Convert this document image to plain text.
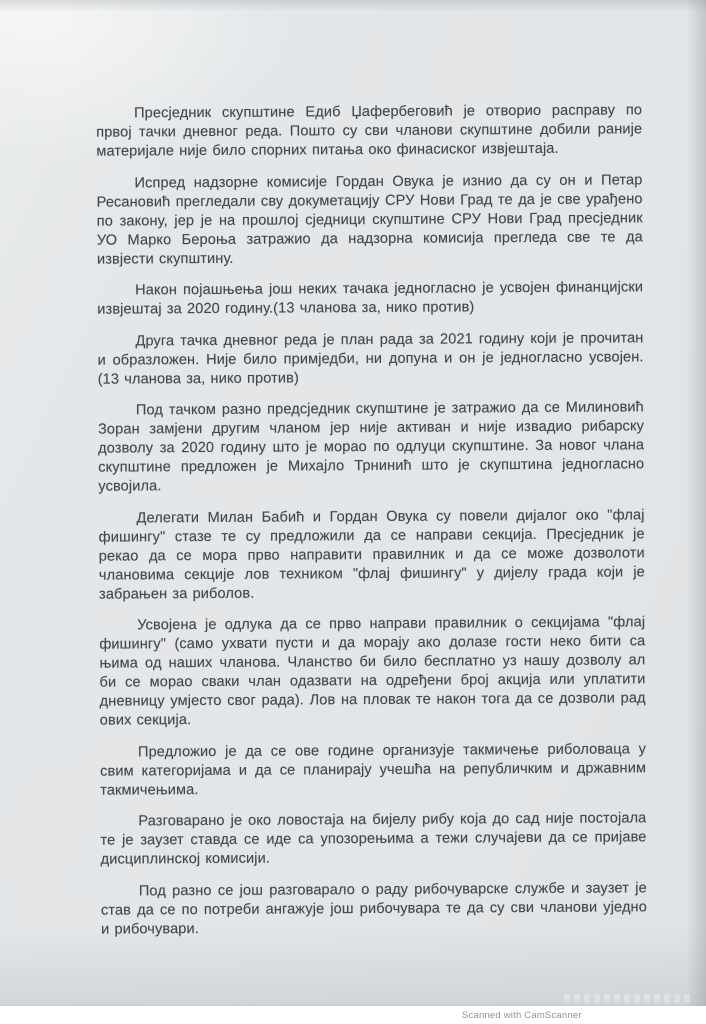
Пресједник скупштине Едиб Џафербеговић је отворио расправу по првој тачки дневног реда. Пошто су сви чланови скупштине добили раније материјале није било спорних питања око финасиског извјештаја.

Испред надзорне комисије Гордан Овука је изнио да су он и Петар Ресановић прегледали сву докуметацију СРУ Нови Град те да је све урађено по закону, јер је на прошлој сједници скупштине СРУ Нови Град пресједник УО Марко Бероња затражио да надзорна комисија прегледа све те да извјести скупштину.

Након појашњења још неких тачака једногласно је усвојен финанцијски извјештај за 2020 годину.(13 чланова за, нико против)

Друга тачка дневног реда је план рада за 2021 годину који је прочитан и образложен. Није било примједби, ни допуна и он је једногласно усвојен.(13 чланова за, нико против)

Под тачком разно предсједник скупштине је затражио да се Милиновић Зоран замјени другим чланом јер није активан и није извадио рибарску дозволу за 2020 годину што је морао по одлуци скупштине. За новог члана скупштине предложен је Михајло Трнинић што је скупштина једногласно усвојила.

Делегати Милан Бабић и Гордан Овука су повели дијалог око "флај фишингу" стазе те су предложили да се направи секција. Пресједник је рекао да се мора прво направити правилник и да се може дозволоти члановима секције лов техником "флај фишингу" у дијелу града који је забрањен за риболов.

Усвојена је одлука да се прво направи правилник о секцијама "флај фишингу" (само ухвати пусти и да морају ако долазе гости неко бити са њима од наших чланова. Чланство би било бесплатно уз нашу дозволу ал би се морао сваки члан одазвати на одређени број акција или уплатити дневницу умјесто свог рада). Лов на пловак те након тога да се дозволи рад ових секција.

Предложио је да се ове године организује такмичење риболоваца у свим категоријама и да се планирају учешћа на републичким и државним такмичењима.

Разговарано је око ловостаја на бијелу рибу која до сад није постојала те је заузет ставда се иде са упозорењима а тежи случајеви да се пријаве дисциплинској комисији.

Под разно се још разговарало о раду рибочуварске службе и заузет је став да се по потреби ангажује још рибочувара те да су сви чланови уједно и рибочувари.

Scanned with CamScanner
